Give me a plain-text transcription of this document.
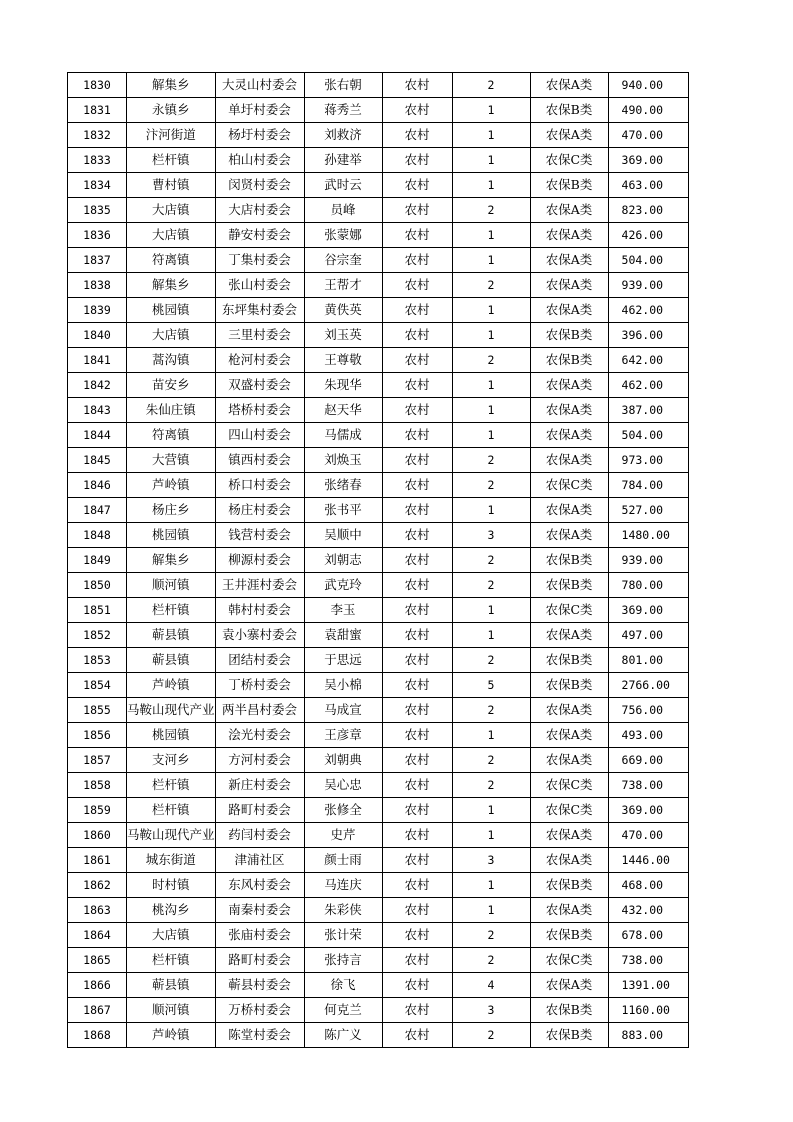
1830	解集乡	大灵山村委会	张右朝	农村	2	农保A类	940.00
1831	永镇乡	单圩村委会	蒋秀兰	农村	1	农保B类	490.00
1832	汴河街道	杨圩村委会	刘救济	农村	1	农保A类	470.00
1833	栏杆镇	柏山村委会	孙建举	农村	1	农保C类	369.00
1834	曹村镇	闵贤村委会	武时云	农村	1	农保B类	463.00
1835	大店镇	大店村委会	员峰	农村	2	农保A类	823.00
1836	大店镇	静安村委会	张蒙娜	农村	1	农保A类	426.00
1837	符离镇	丁集村委会	谷宗奎	农村	1	农保A类	504.00
1838	解集乡	张山村委会	王帮才	农村	2	农保A类	939.00
1839	桃园镇	东坪集村委会	黄佚英	农村	1	农保A类	462.00
1840	大店镇	三里村委会	刘玉英	农村	1	农保B类	396.00
1841	蒿沟镇	枪河村委会	王尊敬	农村	2	农保B类	642.00
1842	苗安乡	双盛村委会	朱现华	农村	1	农保A类	462.00
1843	朱仙庄镇	塔桥村委会	赵天华	农村	1	农保A类	387.00
1844	符离镇	四山村委会	马儒成	农村	1	农保A类	504.00
1845	大营镇	镇西村委会	刘焕玉	农村	2	农保A类	973.00
1846	芦岭镇	桥口村委会	张绪春	农村	2	农保C类	784.00
1847	杨庄乡	杨庄村委会	张书平	农村	1	农保A类	527.00
1848	桃园镇	钱营村委会	吴顺中	农村	3	农保A类	1480.00
1849	解集乡	柳源村委会	刘朝志	农村	2	农保B类	939.00
1850	顺河镇	王井涯村委会	武克玲	农村	2	农保B类	780.00
1851	栏杆镇	韩村村委会	李玉	农村	1	农保C类	369.00
1852	蕲县镇	袁小寨村委会	袁甜蜜	农村	1	农保A类	497.00
1853	蕲县镇	团结村委会	于思远	农村	2	农保B类	801.00
1854	芦岭镇	丁桥村委会	吴小棉	农村	5	农保B类	2766.00
1855	马鞍山现代产业	两半昌村委会	马成宣	农村	2	农保A类	756.00
1856	桃园镇	浍光村委会	王彦章	农村	1	农保A类	493.00
1857	支河乡	方河村委会	刘朝典	农村	2	农保A类	669.00
1858	栏杆镇	新庄村委会	吴心忠	农村	2	农保C类	738.00
1859	栏杆镇	路町村委会	张修全	农村	1	农保C类	369.00
1860	马鞍山现代产业	药闫村委会	史芹	农村	1	农保A类	470.00
1861	城东街道	津浦社区	颜士雨	农村	3	农保A类	1446.00
1862	时村镇	东风村委会	马连庆	农村	1	农保B类	468.00
1863	桃沟乡	南秦村委会	朱彩侠	农村	1	农保A类	432.00
1864	大店镇	张庙村委会	张计荣	农村	2	农保B类	678.00
1865	栏杆镇	路町村委会	张持言	农村	2	农保C类	738.00
1866	蕲县镇	蕲县村委会	徐飞	农村	4	农保A类	1391.00
1867	顺河镇	万桥村委会	何克兰	农村	3	农保B类	1160.00
1868	芦岭镇	陈堂村委会	陈广义	农村	2	农保B类	883.00
